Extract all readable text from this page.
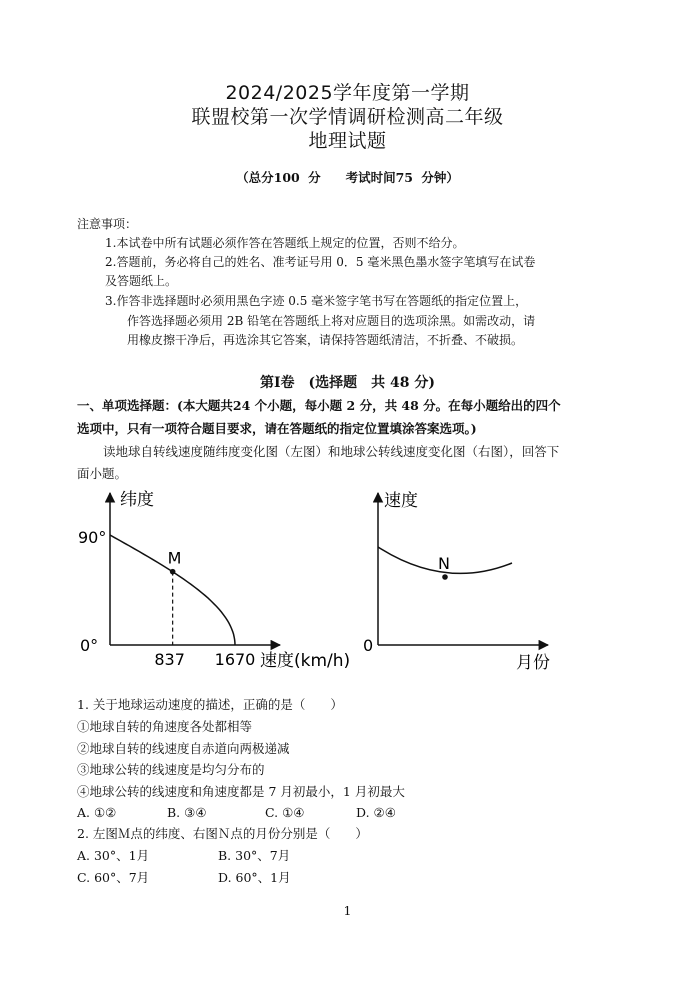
2024/2025学年度第一学期
联盟校第一次学情调研检测高二年级
地理试题
（总分100 分　　考试时间75 分钟）
注意事项：
1.本试卷中所有试题必须作答在答题纸上规定的位置，否则不给分。
2.答题前，务必将自己的姓名、准考证号用 0．5 毫米黑色墨水签字笔填写在试卷
及答题纸上。
3.作答非选择题时必须用黑色字迹 0.5 毫米签字笔书写在答题纸的指定位置上，
作答选择题必须用 2B 铅笔在答题纸上将对应题目的选项涂黑。如需改动，请
用橡皮擦干净后，再选涂其它答案，请保持答题纸清洁，不折叠、不破损。
第Ⅰ卷　(选择题　共 48 分)
一、单项选择题：(本大题共24 个小题，每小题 2 分，共 48 分。在每小题给出的四个
选项中，只有一项符合题目要求，请在答题纸的指定位置填涂答案选项。)
读地球自转线速度随纬度变化图（左图）和地球公转线速度变化图（右图），回答下
面小题。
M
纬度
90°
0°
837 1670 速度(km/h)
N
速度
0
月份
1. 关于地球运动速度的描述，正确的是（　　）
①地球自转的角速度各处都相等
②地球自转的线速度自赤道向两极递减
③地球公转的线速度是均匀分布的
④地球公转的线速度和角速度都是 7 月初最小，1 月初最大
A. ①②	B. ③④	C. ①④	D. ②④
2. 左图Ｍ点的纬度、右图Ｎ点的月份分别是（　　）
A. 30°、1月	B. 30°、7月
C. 60°、7月	D. 60°、1月
1
